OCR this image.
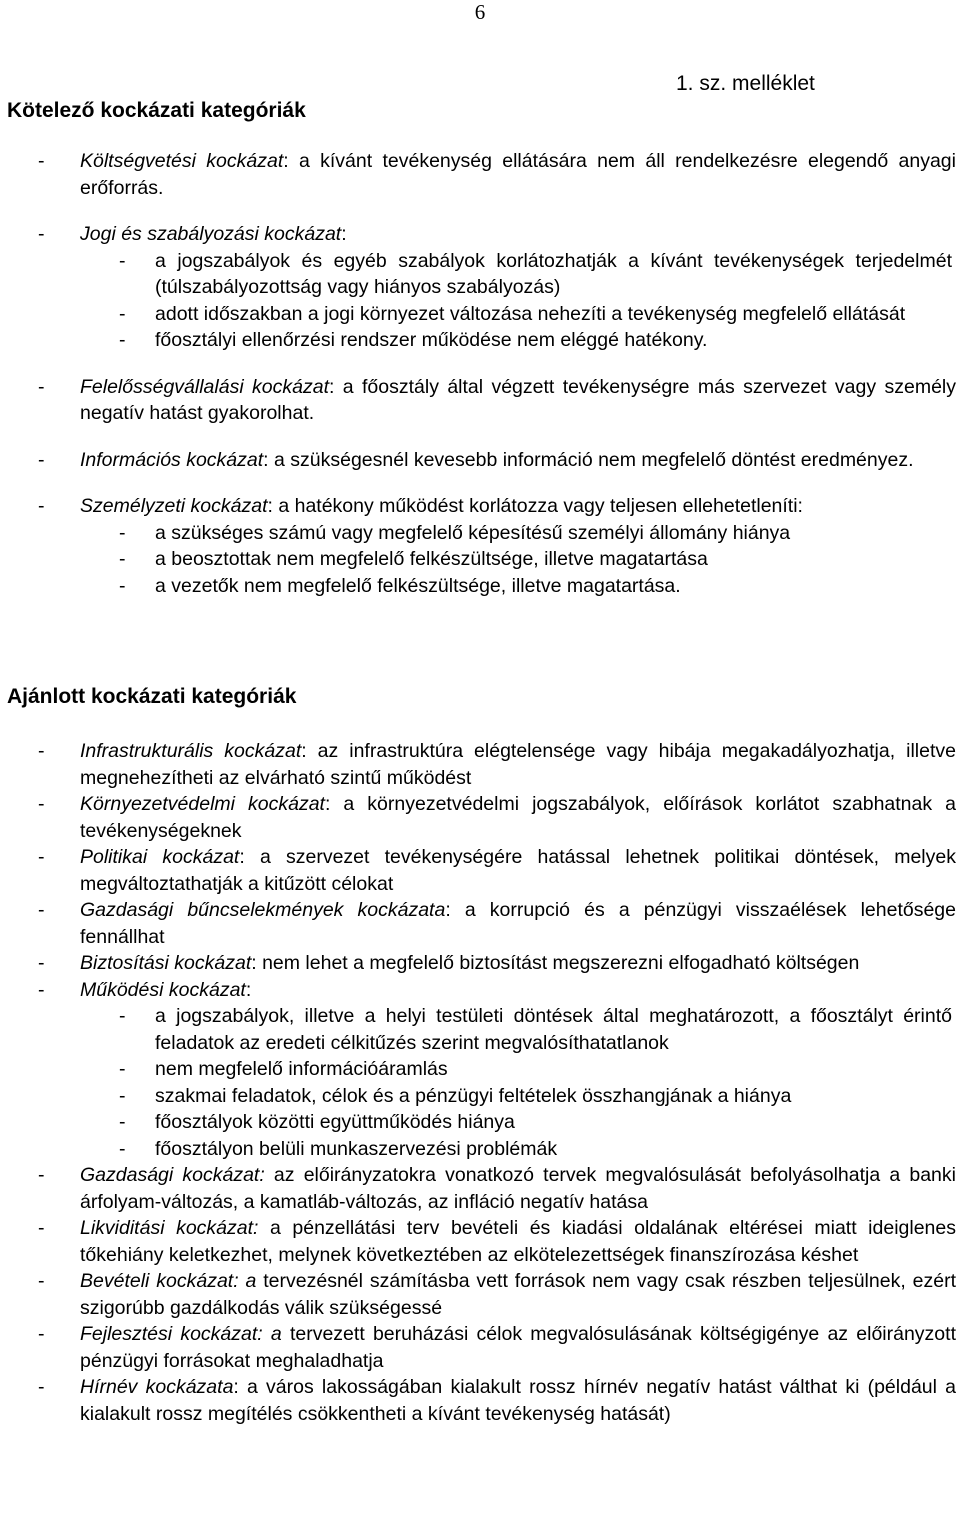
6
1. sz. melléklet
Kötelező kockázati kategóriák
- Költségvetési kockázat: a kívánt tevékenység ellátására nem áll rendelkezésre elegendő anyagi erőforrás.
- Jogi és szabályozási kockázat:
- a jogszabályok és egyéb szabályok korlátozhatják a kívánt tevékenységek terjedelmét (túlszabályozottság vagy hiányos szabályozás)
- adott időszakban a jogi környezet változása nehezíti a tevékenység megfelelő ellátását
- főosztályi ellenőrzési rendszer működése nem eléggé hatékony.
- Felelősségvállalási kockázat: a főosztály által végzett tevékenységre más szervezet vagy személy negatív hatást gyakorolhat.
- Információs kockázat: a szükségesnél kevesebb információ nem megfelelő döntést eredményez.
- Személyzeti kockázat: a hatékony működést korlátozza vagy teljesen ellehetetleníti:
- a szükséges számú vagy megfelelő képesítésű személyi állomány hiánya
- a beosztottak nem megfelelő felkészültsége, illetve magatartása
- a vezetők nem megfelelő felkészültsége, illetve magatartása.
Ajánlott kockázati kategóriák
- Infrastrukturális kockázat: az infrastruktúra elégtelensége vagy hibája megakadályozhatja, illetve megnehezítheti az elvárható szintű működést
- Környezetvédelmi kockázat: a környezetvédelmi jogszabályok, előírások korlátot szabhatnak a tevékenységeknek
- Politikai kockázat: a szervezet tevékenységére hatással lehetnek politikai döntések, melyek megváltoztathatják a kitűzött célokat
- Gazdasági bűncselekmények kockázata: a korrupció és a pénzügyi visszaélések lehetősége fennállhat
- Biztosítási kockázat: nem lehet a megfelelő biztosítást megszerezni elfogadható költségen
- Működési kockázat:
- a jogszabályok, illetve a helyi testületi döntések által meghatározott, a főosztályt érintő feladatok az eredeti célkitűzés szerint megvalósíthatatlanok
- nem megfelelő információáramlás
- szakmai feladatok, célok és a pénzügyi feltételek összhangjának a hiánya
- főosztályok közötti együttműködés hiánya
- főosztályon belüli munkaszervezési problémák
- Gazdasági kockázat: az előirányzatokra vonatkozó tervek megvalósulását befolyásolhatja a banki árfolyam-változás, a kamatláb-változás, az infláció negatív hatása
- Likviditási kockázat: a pénzellátási terv bevételi és kiadási oldalának eltérései miatt ideiglenes tőkehiány keletkezhet, melynek következtében az elkötelezettségek finanszírozása késhet
- Bevételi kockázat: a tervezésnél számításba vett források nem vagy csak részben teljesülnek, ezért szigorúbb gazdálkodás válik szükségessé
- Fejlesztési kockázat: a tervezett beruházási célok megvalósulásának költségigénye az előirányzott pénzügyi forrásokat meghaladhatja
- Hírnév kockázata: a város lakosságában kialakult rossz hírnév negatív hatást válthat ki (például a kialakult rossz megítélés csökkentheti a kívánt tevékenység hatását)
